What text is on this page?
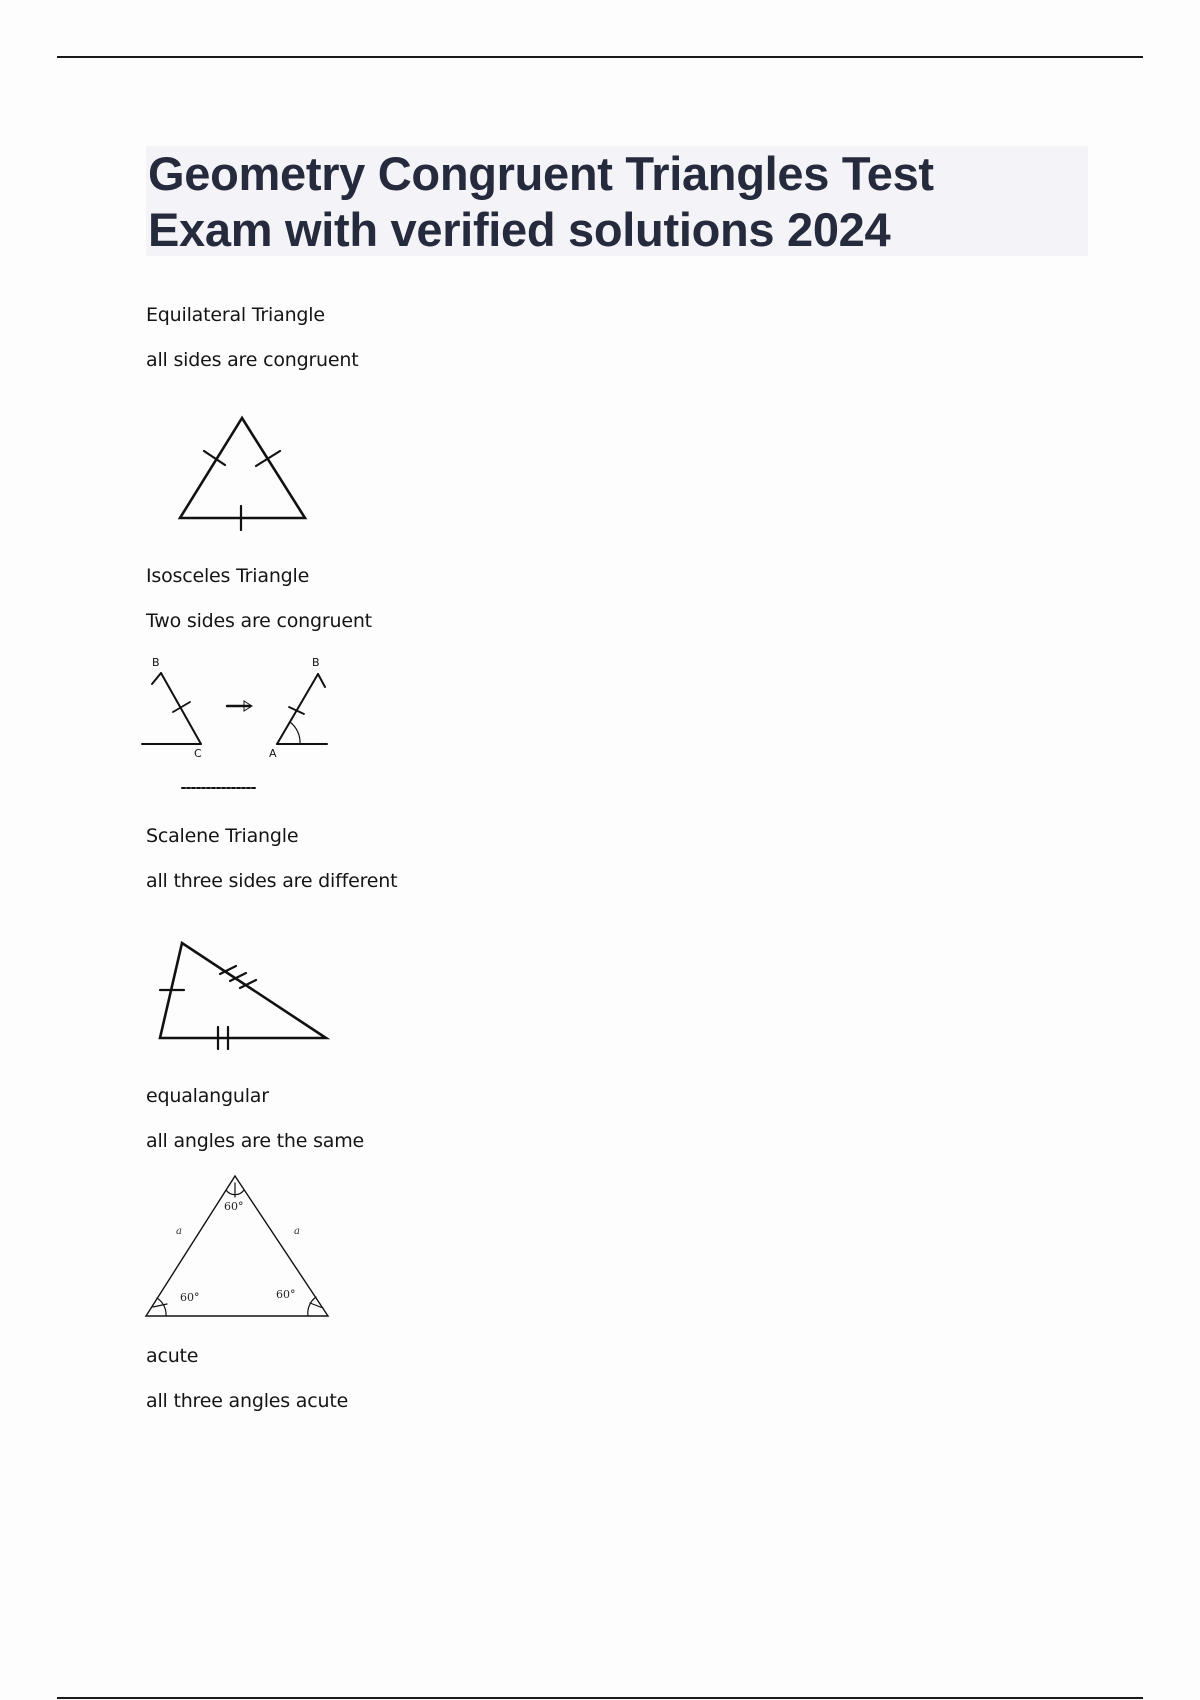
Geometry Congruent Triangles Test
Exam with verified solutions 2024
Equilateral Triangle
all sides are congruent
Isosceles Triangle
Two sides are congruent
B
C
B
A
Scalene Triangle
all three sides are different
equalangular
all angles are the same
60°
60°	60°
a	a
acute
all three angles acute
